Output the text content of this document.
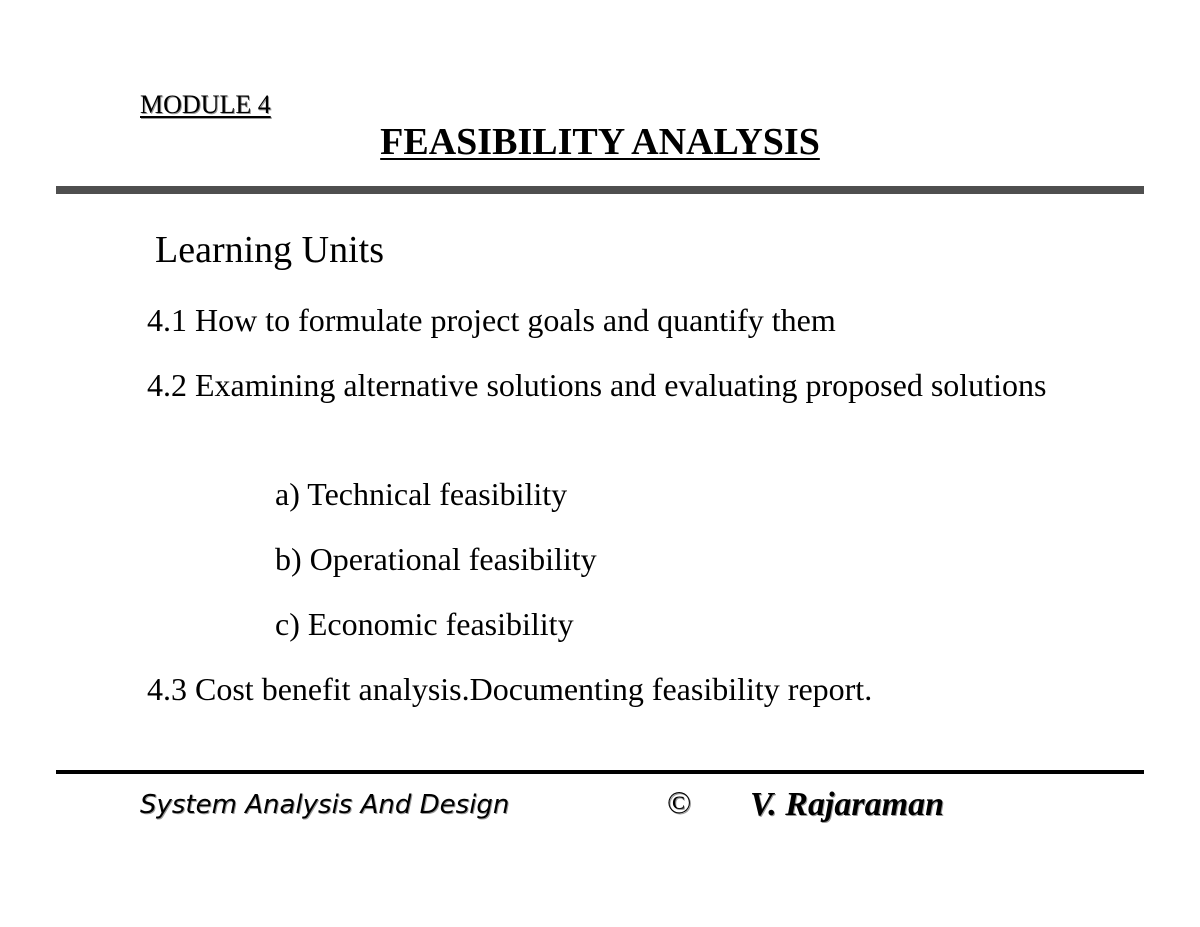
MODULE 4
FEASIBILITY ANALYSIS
Learning Units
4.1 How to formulate project goals and quantify them
4.2 Examining alternative solutions and evaluating proposed solutions
a) Technical feasibility
b) Operational feasibility
c) Economic feasibility
4.3 Cost benefit analysis.Documenting feasibility report.
System Analysis And Design	© V. Rajaraman
